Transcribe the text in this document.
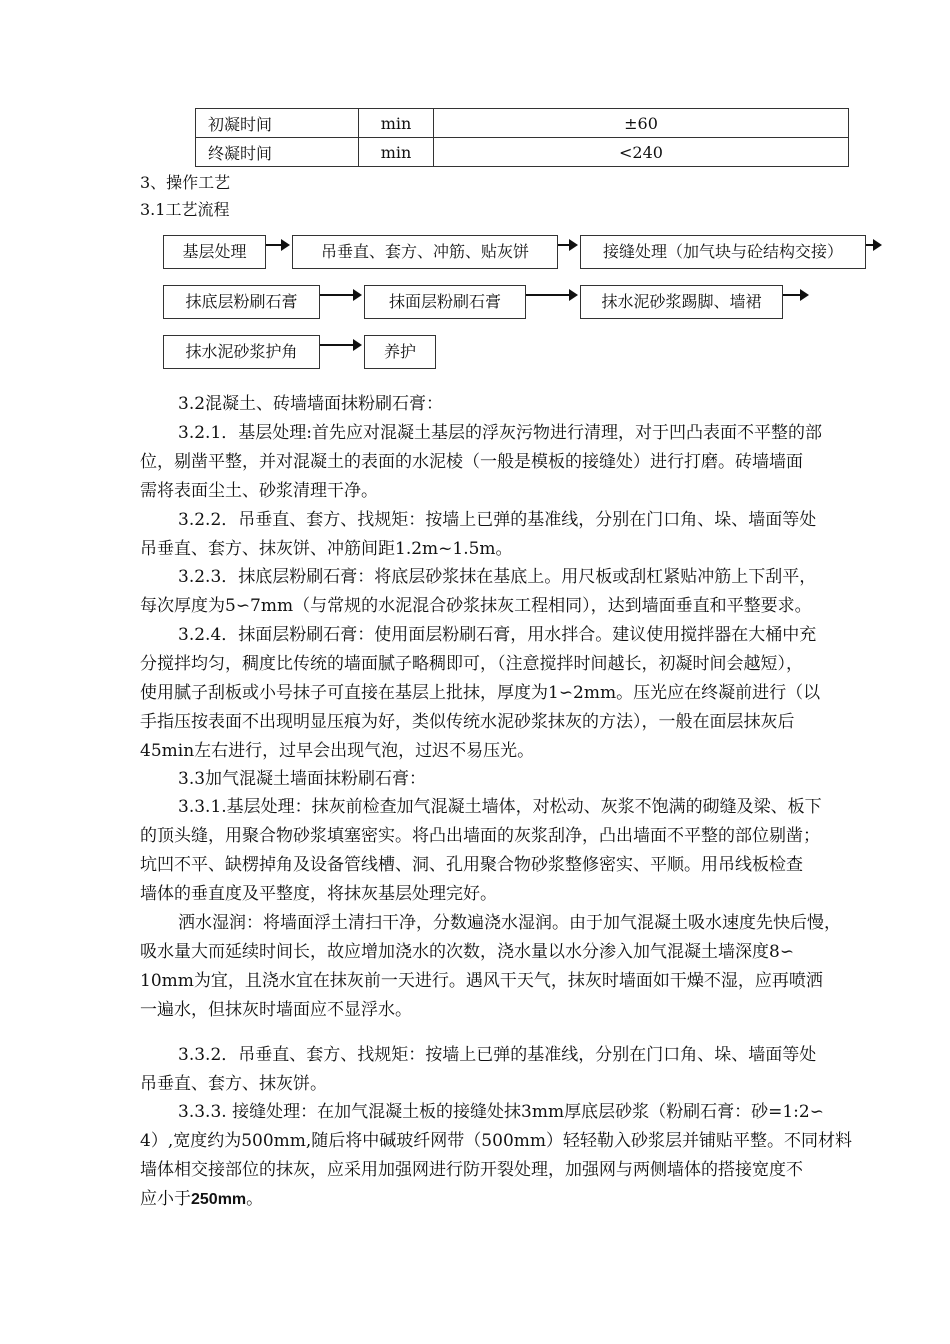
初凝时间	min	±60
终凝时间	min	<240
3、操作工艺
3.1工艺流程
基层处理	吊垂直、套方、冲筋、贴灰饼	接缝处理（加气块与砼结构交接）
抹底层粉刷石膏	抹面层粉刷石膏	抹水泥砂浆踢脚、墙裙
抹水泥砂浆护角	养护
3.2混凝土、砖墙墙面抹粉刷石膏：
3.2.1．基层处理:首先应对混凝土基层的浮灰污物进行清理，对于凹凸表面不平整的部
位，剔凿平整，并对混凝土的表面的水泥棱（一般是模板的接缝处）进行打磨。砖墙墙面
需将表面尘土、砂浆清理干净。
3.2.2．吊垂直、套方、找规矩：按墙上已弹的基准线，分别在门口角、垛、墙面等处
吊垂直、套方、抹灰饼、冲筋间距1.2m~1.5m。
3.2.3．抹底层粉刷石膏：将底层砂浆抹在基底上。用尺板或刮杠紧贴冲筋上下刮平，
每次厚度为5∽7mm（与常规的水泥混合砂浆抹灰工程相同），达到墙面垂直和平整要求。
3.2.4．抹面层粉刷石膏：使用面层粉刷石膏，用水拌合。建议使用搅拌器在大桶中充
分搅拌均匀，稠度比传统的墙面腻子略稠即可，（注意搅拌时间越长，初凝时间会越短），
使用腻子刮板或小号抹子可直接在基层上批抹，厚度为1∽2mm。压光应在终凝前进行（以
手指压按表面不出现明显压痕为好，类似传统水泥砂浆抹灰的方法），一般在面层抹灰后
45min左右进行，过早会出现气泡，过迟不易压光。
3.3加气混凝土墙面抹粉刷石膏：
3.3.1.基层处理：抹灰前检查加气混凝土墙体，对松动、灰浆不饱满的砌缝及梁、板下
的顶头缝，用聚合物砂浆填塞密实。将凸出墙面的灰浆刮净，凸出墙面不平整的部位剔凿；
坑凹不平、缺楞掉角及设备管线槽、洞、孔用聚合物砂浆整修密实、平顺。用吊线板检查
墙体的垂直度及平整度，将抹灰基层处理完好。
洒水湿润：将墙面浮土清扫干净，分数遍浇水湿润。由于加气混凝土吸水速度先快后慢，
吸水量大而延续时间长，故应增加浇水的次数，浇水量以水分渗入加气混凝土墙深度8∽
10mm为宜，且浇水宜在抹灰前一天进行。遇风干天气，抹灰时墙面如干燥不湿，应再喷洒
一遍水，但抹灰时墙面应不显浮水。
3.3.2．吊垂直、套方、找规矩：按墙上已弹的基准线，分别在门口角、垛、墙面等处
吊垂直、套方、抹灰饼。
3.3.3. 接缝处理：在加气混凝土板的接缝处抹3mm厚底层砂浆（粉刷石膏：砂=1:2∽
4）,宽度约为500mm,随后将中碱玻纤网带（500mm）轻轻勒入砂浆层并铺贴平整。不同材料
墙体相交接部位的抹灰，应采用加强网进行防开裂处理，加强网与两侧墙体的搭接宽度不
应小于250mm。
